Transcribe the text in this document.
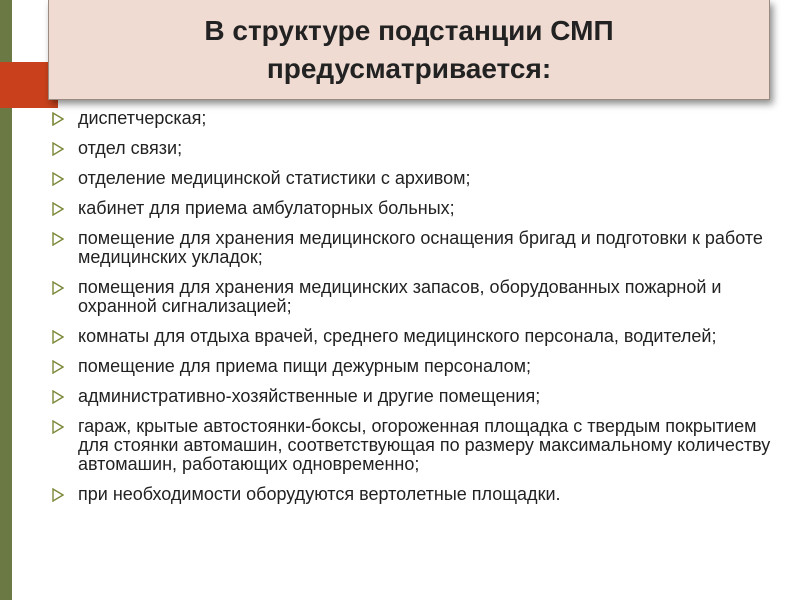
В структуре подстанции СМП
предусматривается:
диспетчерская;
отдел связи;
отделение медицинской статистики с архивом;
кабинет для приема амбулаторных больных;
помещение для хранения медицинского оснащения бригад и подготовки к работе медицинских укладок;
помещения для хранения медицинских запасов, оборудованных пожарной и охранной сигнализацией;
комнаты для отдыха врачей, среднего медицинского персонала, водителей;
помещение для приема пищи дежурным персоналом;
административно-хозяйственные и другие помещения;
гараж, крытые автостоянки-боксы, огороженная площадка с твердым покрытием для стоянки автомашин, соответствующая по размеру максимальному количеству автомашин, работающих одновременно;
при необходимости оборудуются вертолетные площадки.
